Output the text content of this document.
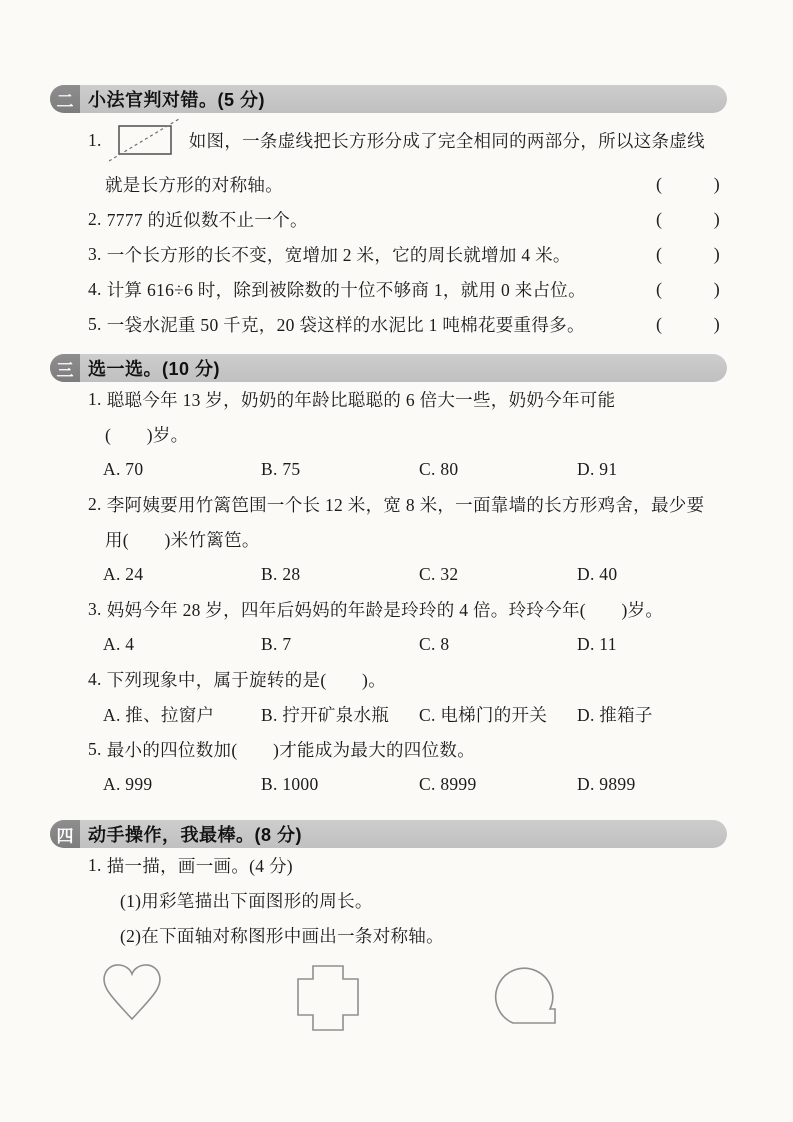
二 小法官判对错。(5 分)
1.	如图，一条虚线把长方形分成了完全相同的两部分，所以这条虚线
就是长方形的对称轴。	(	)
2. 7777 的近似数不止一个。	(	)
3. 一个长方形的长不变，宽增加 2 米，它的周长就增加 4 米。	(	)
4. 计算 616÷6 时，除到被除数的十位不够商 1，就用 0 来占位。	(	)
5. 一袋水泥重 50 千克，20 袋这样的水泥比 1 吨棉花要重得多。	(	)
三 选一选。(10 分)
1. 聪聪今年 13 岁，奶奶的年龄比聪聪的 6 倍大一些，奶奶今年可能
(　　)岁。
A. 70	B. 75	C. 80	D. 91
2. 李阿姨要用竹篱笆围一个长 12 米，宽 8 米，一面靠墙的长方形鸡舍，最少要
用(　　)米竹篱笆。
A. 24	B. 28	C. 32	D. 40
3. 妈妈今年 28 岁，四年后妈妈的年龄是玲玲的 4 倍。玲玲今年(　　)岁。
A. 4	B. 7	C. 8	D. 11
4. 下列现象中，属于旋转的是(　　)。
A. 推、拉窗户	B. 拧开矿泉水瓶	C. 电梯门的开关	D. 推箱子
5. 最小的四位数加(　　)才能成为最大的四位数。
A. 999	B. 1000	C. 8999	D. 9899
四 动手操作，我最棒。(8 分)
1. 描一描，画一画。(4 分)
(1)用彩笔描出下面图形的周长。
(2)在下面轴对称图形中画出一条对称轴。
